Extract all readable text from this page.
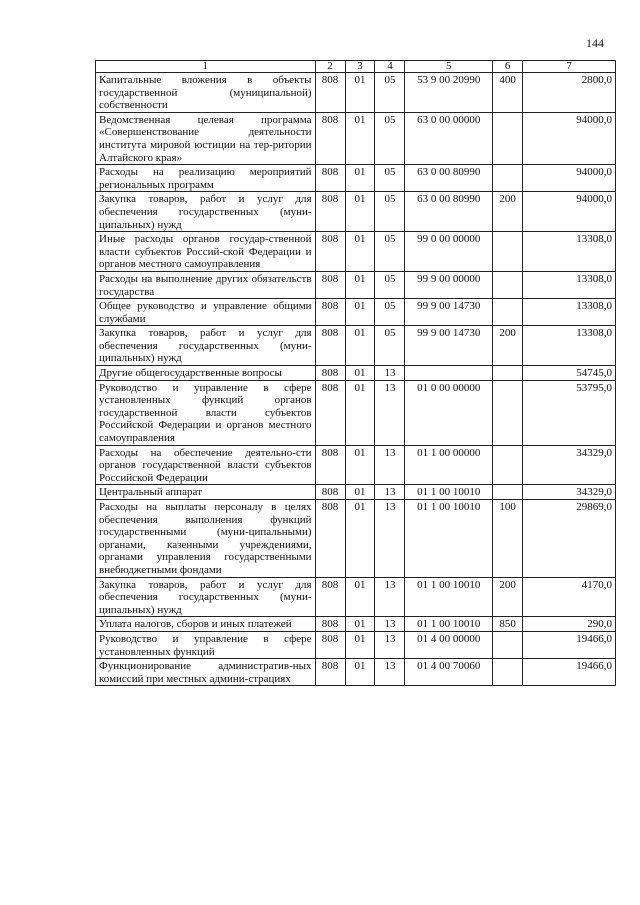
144
1	2	3	4	5	6	7
Капитальные вложения в объекты государственной (муниципальной) собственности	808	01	05	53 9 00 20990	400	2800,0
Ведомственная целевая программа «Совершенствование деятельности института мировой юстиции на тер-ритории Алтайского края»	808	01	05	63 0 00 00000		94000,0
Расходы на реализацию мероприятий региональных программ	808	01	05	63 0 00 80990		94000,0
Закупка товаров, работ и услуг для обеспечения государственных (муни-ципальных) нужд	808	01	05	63 0 00 80990	200	94000,0
Иные расходы органов государ-ственной власти субъектов Россий-ской Федерации и органов местного самоуправления	808	01	05	99 0 00 00000		13308,0
Расходы на выполнение других обязательств государства	808	01	05	99 9 00 00000		13308,0
Общее руководство и управление общими службами	808	01	05	99 9 00 14730		13308,0
Закупка товаров, работ и услуг для обеспечения государственных (муни-ципальных) нужд	808	01	05	99 9 00 14730	200	13308,0
Другие общегосударственные вопросы	808	01	13			54745,0
Руководство и управление в сфере установленных функций органов государственной власти субъектов Российской Федерации и органов местного самоуправления	808	01	13	01 0 00 00000		53795,0
Расходы на обеспечение деятельно-сти органов государственной власти субъектов Российской Федерации	808	01	13	01 1 00 00000		34329,0
Центральный аппарат	808	01	13	01 1 00 10010		34329,0
Расходы на выплаты персоналу в целях обеспечения выполнения функций государственными (муни-ципальными) органами, казенными учреждениями, органами управления государственными внебюджетными фондами	808	01	13	01 1 00 10010	100	29869,0
Закупка товаров, работ и услуг для обеспечения государственных (муни-ципальных) нужд	808	01	13	01 1 00 10010	200	4170,0
Уплата налогов, сборов и иных платежей	808	01	13	01 1 00 10010	850	290,0
Руководство и управление в сфере установленных функций	808	01	13	01 4 00 00000		19466,0
Функционирование административ-ных комиссий при местных админи-страциях	808	01	13	01 4 00 70060		19466,0
